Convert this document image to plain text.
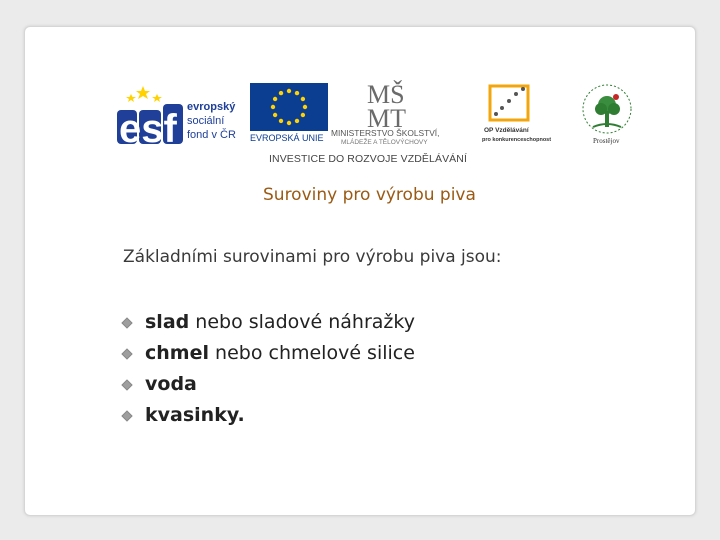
esf evropský
sociální
fond v ČR EVROPSKÁ UNIE
MŠ
MT
MINISTERSTVO ŠKOLSTVÍ,
MLÁDEŽE A TĚLOVÝCHOVY
OP Vzdělávání
pro konkurenceschopnost	Prostějov
INVESTICE DO ROZVOJE VZDĚLÁVÁNÍ
Suroviny pro výrobu piva
Základními surovinami pro výrobu piva jsou:
slad nebo sladové náhražky
chmel nebo chmelové silice
voda
kvasinky.
